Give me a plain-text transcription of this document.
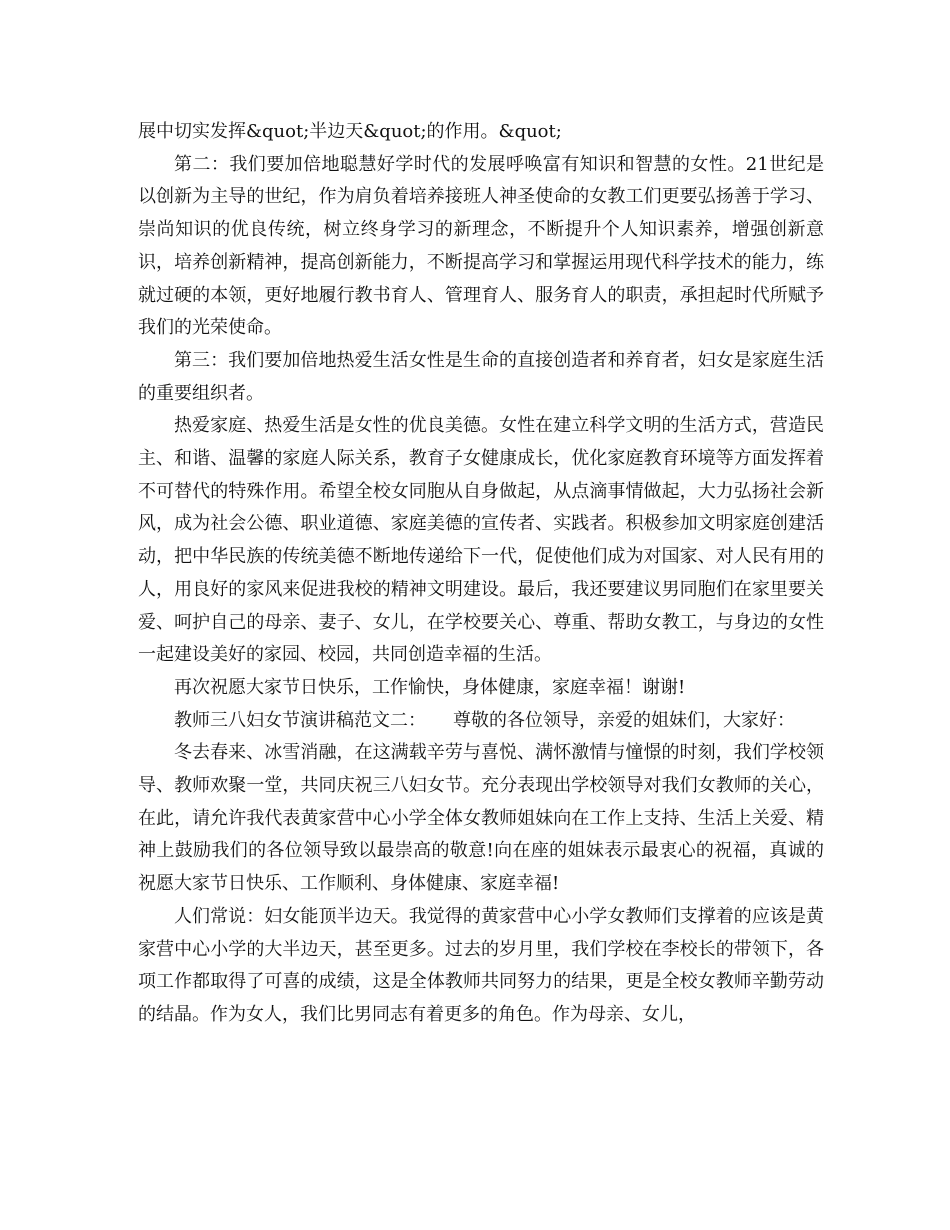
展中切实发挥&quot;半边天&quot;的作用。&quot;

第二：我们要加倍地聪慧好学时代的发展呼唤富有知识和智慧的女性。21世纪是以创新为主导的世纪，作为肩负着培养接班人神圣使命的女教工们更要弘扬善于学习、崇尚知识的优良传统，树立终身学习的新理念，不断提升个人知识素养，增强创新意识，培养创新精神，提高创新能力，不断提高学习和掌握运用现代科学技术的能力，练就过硬的本领，更好地履行教书育人、管理育人、服务育人的职责，承担起时代所赋予我们的光荣使命。

第三：我们要加倍地热爱生活女性是生命的直接创造者和养育者，妇女是家庭生活的重要组织者。

热爱家庭、热爱生活是女性的优良美德。女性在建立科学文明的生活方式，营造民主、和谐、温馨的家庭人际关系，教育子女健康成长，优化家庭教育环境等方面发挥着不可替代的特殊作用。希望全校女同胞从自身做起，从点滴事情做起，大力弘扬社会新风，成为社会公德、职业道德、家庭美德的宣传者、实践者。积极参加文明家庭创建活动，把中华民族的传统美德不断地传递给下一代，促使他们成为对国家、对人民有用的人，用良好的家风来促进我校的精神文明建设。最后，我还要建议男同胞们在家里要关爱、呵护自己的母亲、妻子、女儿，在学校要关心、尊重、帮助女教工，与身边的女性一起建设美好的家园、校园，共同创造幸福的生活。

再次祝愿大家节日快乐，工作愉快，身体健康，家庭幸福！谢谢!

教师三八妇女节演讲稿范文二：　　尊敬的各位领导，亲爱的姐妹们，大家好：

冬去春来、冰雪消融，在这满载辛劳与喜悦、满怀激情与憧憬的时刻，我们学校领导、教师欢聚一堂，共同庆祝三八妇女节。充分表现出学校领导对我们女教师的关心，在此，请允许我代表黄家营中心小学全体女教师姐妹向在工作上支持、生活上关爱、精神上鼓励我们的各位领导致以最崇高的敬意!向在座的姐妹表示最衷心的祝福，真诚的祝愿大家节日快乐、工作顺利、身体健康、家庭幸福!

人们常说：妇女能顶半边天。我觉得的黄家营中心小学女教师们支撑着的应该是黄家营中心小学的大半边天，甚至更多。过去的岁月里，我们学校在李校长的带领下，各项工作都取得了可喜的成绩，这是全体教师共同努力的结果，更是全校女教师辛勤劳动的结晶。作为女人，我们比男同志有着更多的角色。作为母亲、女儿，
